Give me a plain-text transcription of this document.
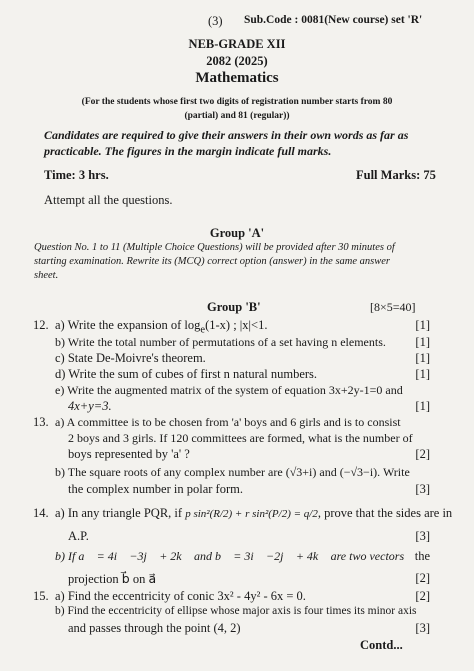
(3) Sub.Code : 0081(New course) set 'R'
NEB-GRADE XII
2082 (2025)
Mathematics
(For the students whose first two digits of registration number starts from 80
(partial) and 81 (regular))
Candidates are required to give their answers in their own words as far as
practicable. The figures in the margin indicate full marks.
Time: 3 hrs.	Full Marks: 75
Attempt all the questions.
Group 'A'
Question No. 1 to 11 (Multiple Choice Questions) will be provided after 30 minutes of
starting examination. Rewrite its (MCQ) correct option (answer) in the same answer
sheet.
Group 'B'	[8×5=40]
12. a) Write the expansion of $\log_e(1-x)$ ; |x|<1.	[1]
b) Write the total number of permutations of a set having n elements. [1]
c) State De-Moivre's theorem.	[1]
d) Write the sum of cubes of first n natural numbers.	[1]
e) Write the augmented matrix of the system of equation 3x+2y-1=0 and
4x+y=3.	[1]
13. a) A committee is to be chosen from 'a' boys and 6 girls and is to consist
2 boys and 3 girls. If 120 committees are formed, what is the number of
boys represented by 'a' ?	[2]
b) The square roots of any complex number are (√3+i) and (−√3−i). Write
the complex number in polar form.	[3]
14. a) In any triangle PQR, if p sin²(R/2) + r sin²(P/2) = q/2, prove that the sides are in
A.P.	[3]
b) If a⃗ = 4i⃗ −3j⃗ + 2k⃗ and b⃗ = 3i⃗ −2j⃗ + 4k⃗ are two vectors the
projection b⃗ on a⃗	[2]
15. a) Find the eccentricity of conic 3x² - 4y² - 6x = 0.	[2]
b) Find the eccentricity of ellipse whose major axis is four times its minor axis
and passes through the point (4, 2)	[3]
Contd...
